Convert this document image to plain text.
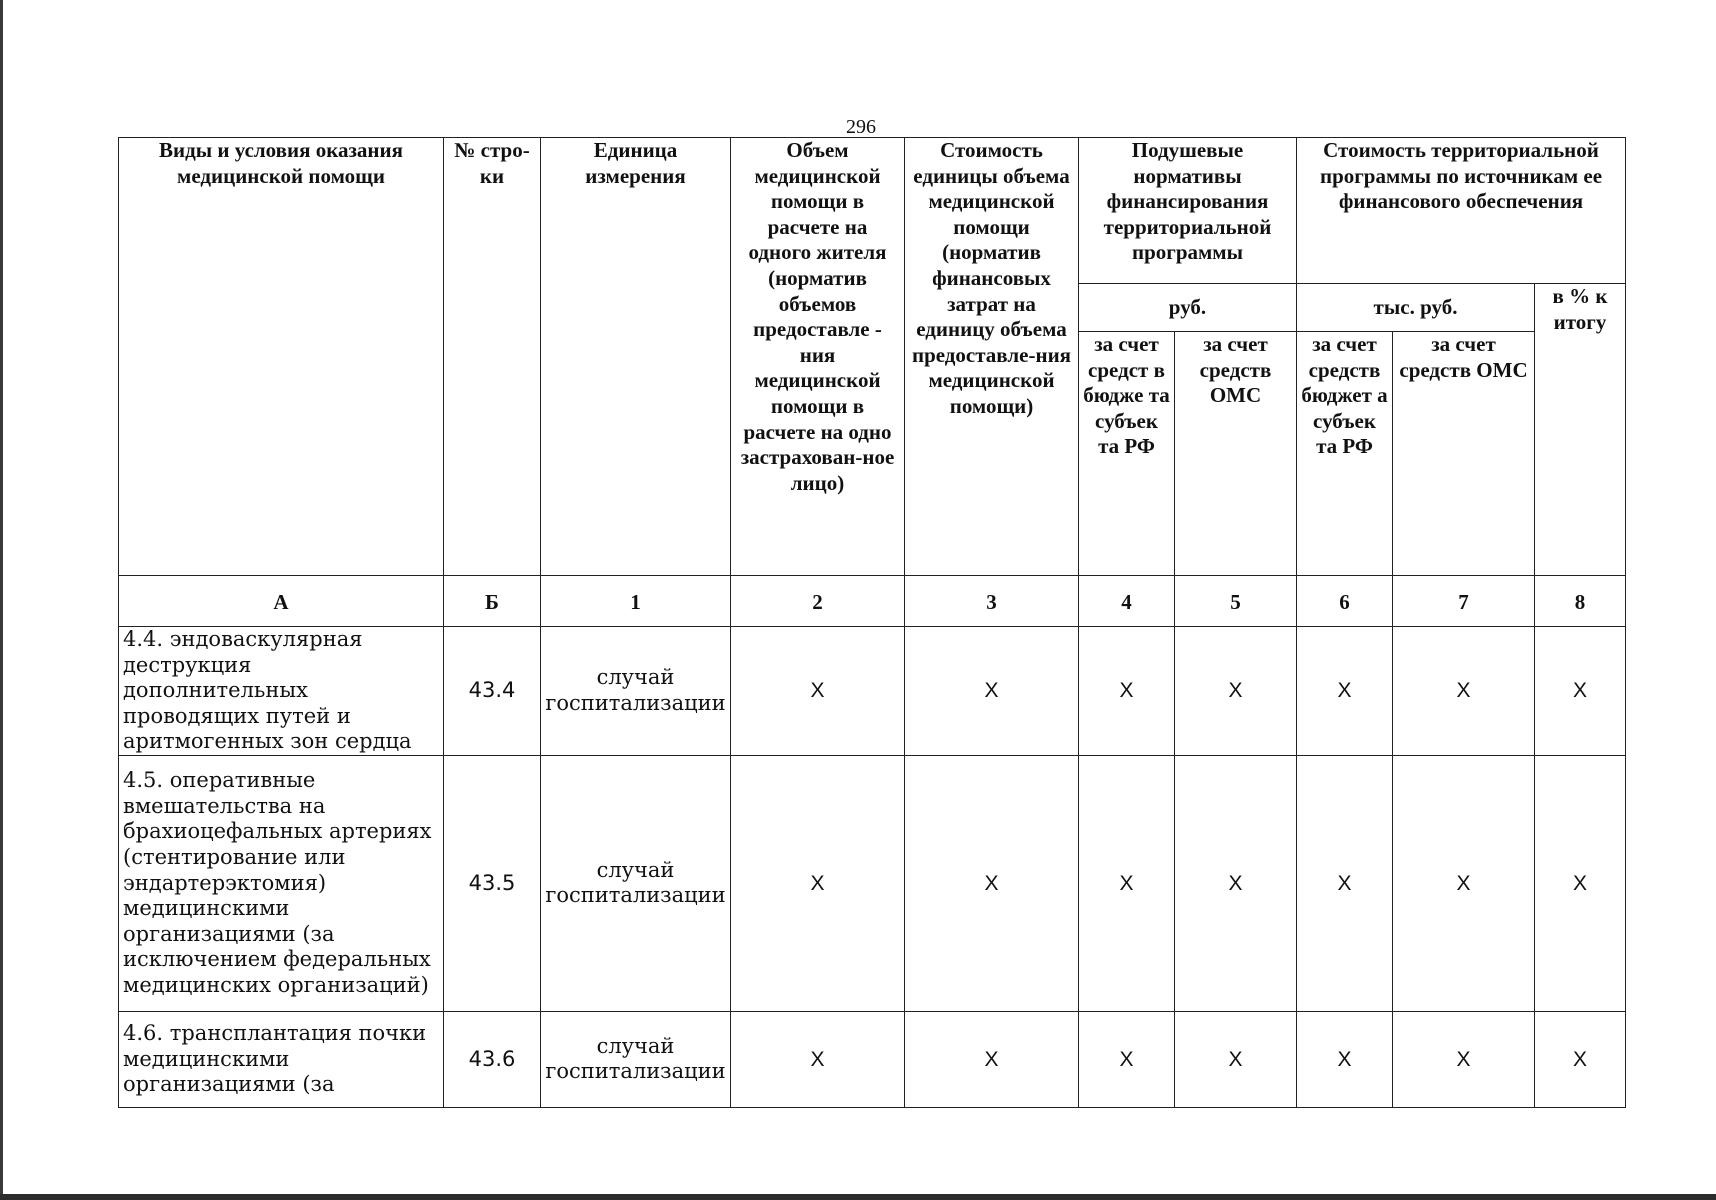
296
Виды и условия оказания медицинской помощи	№ стро-ки	Единица измерения	Объем медицинской помощи в расчете на одного жителя (норматив объемов предоставле - ния медицинской помощи в расчете на одно застрахован-ное лицо)	Стоимость единицы объема медицинской помощи (норматив финансовых затрат на единицу объема предоставле-ния медицинской помощи)	Подушевые нормативы финансирования территориальной программы		Стоимость территориальной программы по источникам ее финансового обеспечения		
					руб.		тыс. руб.		в % к итогу
					за счет средст в бюдже та субъек та РФ	за счет средств ОМС	за счет средств бюджет а субъек та РФ	за счет средств ОМС	
А	Б	1	2	3	4	5	6	7	8
4.4. эндоваскулярная деструкция дополнительных проводящих путей и аритмогенных зон сердца	43.4	случай госпитализации	X	X	X	X	X	X	X
4.5. оперативные вмешательства на брахиоцефальных артериях (стентирование или эндартерэктомия) медицинскими организациями (за исключением федеральных медицинских организаций)	43.5	случай госпитализации	X	X	X	X	X	X	X
4.6. трансплантация почки медицинскими организациями (за	43.6	случай госпитализации	X	X	X	X	X	X	X
